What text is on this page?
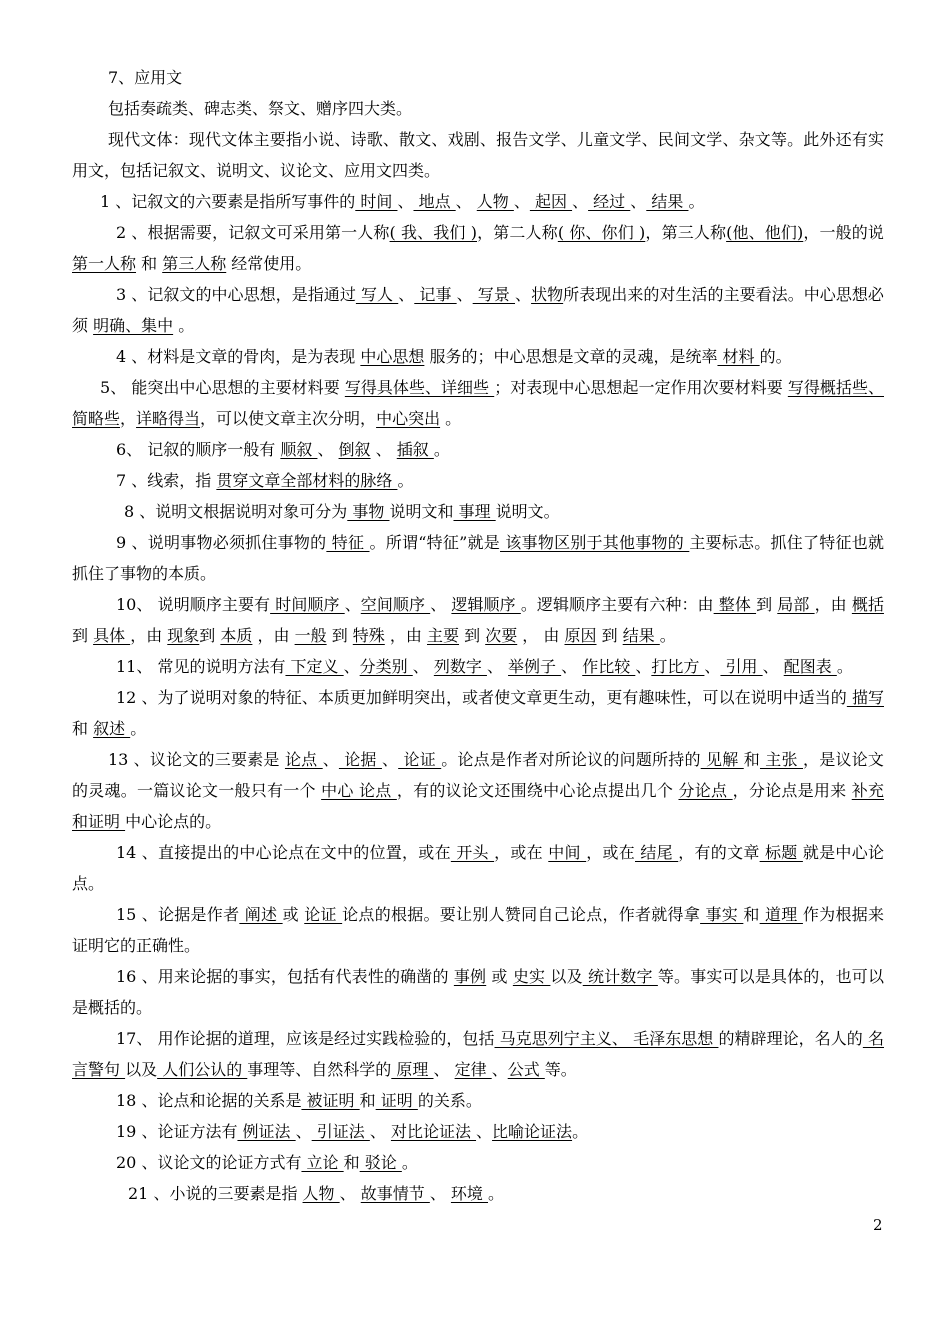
7、应用文

包括奏疏类、碑志类、祭文、赠序四大类。

现代文体：现代文体主要指小说、诗歌、散文、戏剧、报告文学、儿童文学、民间文学、杂文等。此外还有实用文，包括记叙文、说明文、议论文、应用文四类。

1 、记叙文的六要素是指所写事件的 时间 、 地点 、 人物 、 起因 、 经过 、 结果 。

2 、根据需要，记叙文可采用第一人称( 我、我们 )，第二人称( 你、你们 )，第三人称(他、他们)，一般的说 第一人称 和 第三人称 经常使用。

3 、记叙文的中心思想，是指通过 写人 、 记事 、 写景 、状物所表现出来的对生活的主要看法。中心思想必须 明确、集中 。

4 、材料是文章的骨肉，是为表现 中心思想 服务的；中心思想是文章的灵魂，是统率 材料 的。

5、 能突出中心思想的主要材料要 写得具体些、详细些 ；对表现中心思想起一定作用次要材料要 写得概括些、简略些，详略得当，可以使文章主次分明，中心突出 。

6、 记叙的顺序一般有 顺叙 、 倒叙 、 插叙 。

7 、线索，指 贯穿文章全部材料的脉络 。

8 、说明文根据说明对象可分为 事物 说明文和 事理 说明文。

9 、说明事物必须抓住事物的 特征 。所谓“特征”就是 该事物区别于其他事物的 主要标志。抓住了特征也就抓住了事物的本质。

10、 说明顺序主要有 时间顺序 、空间顺序 、 逻辑顺序 。逻辑顺序主要有六种：由 整体 到 局部 ，由 概括 到 具体 ，由 现象到 本质 ，由 一般 到 特殊 ，由 主要 到 次要 ， 由 原因 到 结果 。

11、 常见的说明方法有 下定义 、分类别 、 列数字 、 举例子 、 作比较 、打比方 、 引用 、 配图表 。

12 、为了说明对象的特征、本质更加鲜明突出，或者使文章更生动，更有趣味性，可以在说明中适当的 描写 和 叙述 。

13 、议论文的三要素是 论点 、 论据 、 论证 。论点是作者对所论议的问题所持的 见解 和 主张 ，是议论文的灵魂。一篇议论文一般只有一个 中心 论点 ，有的议论文还围绕中心论点提出几个 分论点 ，分论点是用来 补充和证明 中心论点的。

14 、直接提出的中心论点在文中的位置，或在 开头 ，或在 中间 ，或在 结尾 ，有的文章 标题 就是中心论点。

15 、论据是作者 阐述 或 论证 论点的根据。要让别人赞同自己论点，作者就得拿 事实 和 道理 作为根据来证明它的正确性。

16 、用来论据的事实，包括有代表性的确凿的 事例 或 史实 以及 统计数字 等。事实可以是具体的，也可以是概括的。

17、 用作论据的道理，应该是经过实践检验的，包括 马克思列宁主义、 毛泽东思想 的精辟理论，名人的 名言警句 以及 人们公认的 事理等、自然科学的 原理 、 定律 、公式 等。

18 、论点和论据的关系是 被证明 和 证明 的关系。

19 、论证方法有 例证法 、 引证法 、 对比论证法 、比喻论证法。

20 、议论文的论证方式有 立论 和 驳论 。

21 、小说的三要素是指 人物 、 故事情节 、 环境 。

2
